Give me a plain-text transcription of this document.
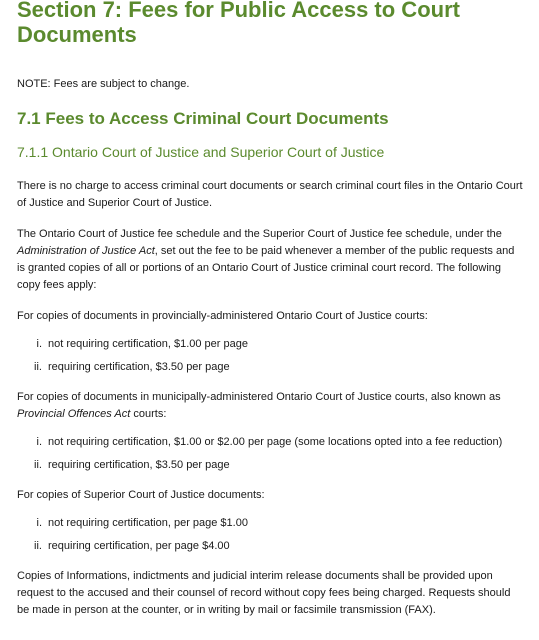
Section 7: Fees for Public Access to Court Documents
NOTE: Fees are subject to change.
7.1 Fees to Access Criminal Court Documents
7.1.1 Ontario Court of Justice and Superior Court of Justice

There is no charge to access criminal court documents or search criminal court files in the Ontario Court of Justice and Superior Court of Justice.

The Ontario Court of Justice fee schedule and the Superior Court of Justice fee schedule, under the Administration of Justice Act, set out the fee to be paid whenever a member of the public requests and is granted copies of all or portions of an Ontario Court of Justice criminal court record. The following copy fees apply:

For copies of documents in provincially-administered Ontario Court of Justice courts:

i. not requiring certification, $1.00 per page
ii. requiring certification, $3.50 per page

For copies of documents in municipally-administered Ontario Court of Justice courts, also known as Provincial Offences Act courts:

i. not requiring certification, $1.00 or $2.00 per page (some locations opted into a fee reduction)
ii. requiring certification, $3.50 per page

For copies of Superior Court of Justice documents:

i. not requiring certification, per page $1.00
ii. requiring certification, per page $4.00

Copies of Informations, indictments and judicial interim release documents shall be provided upon request to the accused and their counsel of record without copy fees being charged. Requests should be made in person at the counter, or in writing by mail or facsimile transmission (FAX).
